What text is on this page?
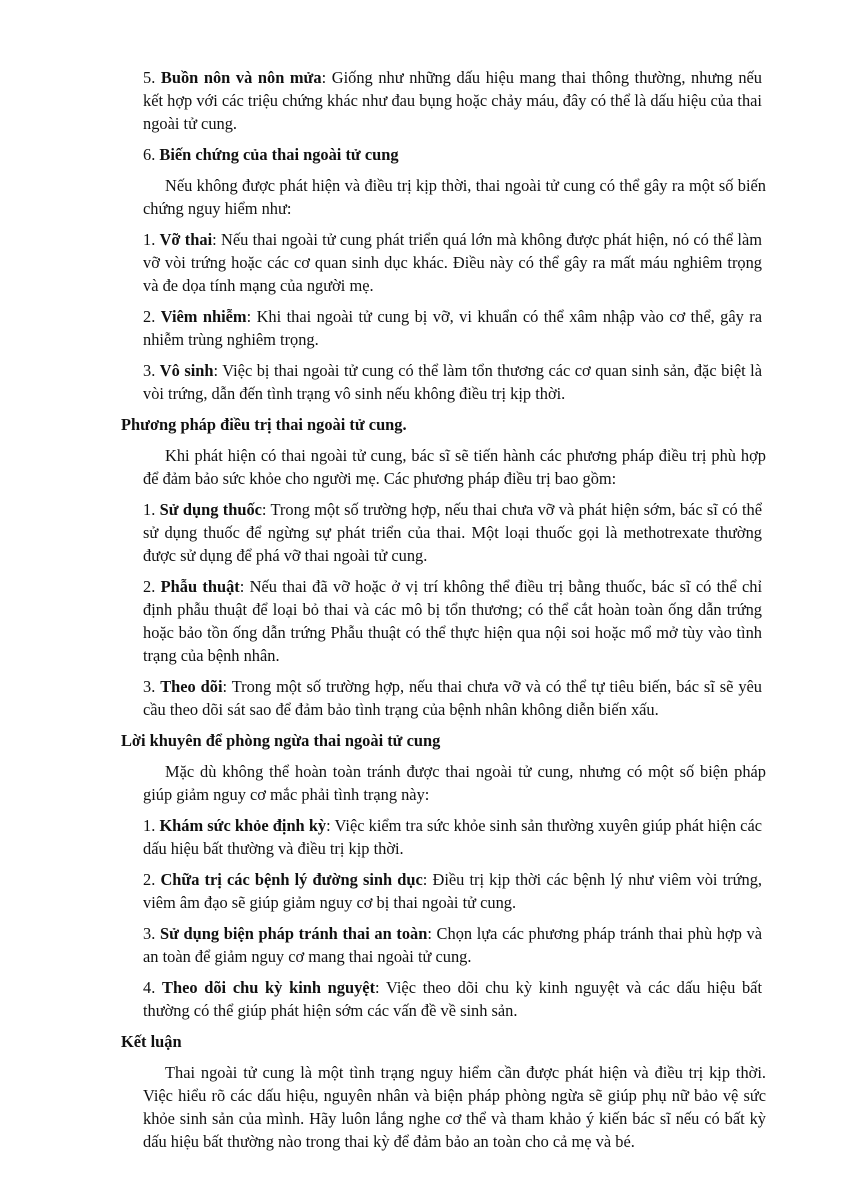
5. Buồn nôn và nôn mửa: Giống như những dấu hiệu mang thai thông thường, nhưng nếu kết hợp với các triệu chứng khác như đau bụng hoặc chảy máu, đây có thể là dấu hiệu của thai ngoài tử cung.

6. Biến chứng của thai ngoài tử cung

Nếu không được phát hiện và điều trị kịp thời, thai ngoài tử cung có thể gây ra một số biến chứng nguy hiểm như:

1. Vỡ thai: Nếu thai ngoài tử cung phát triển quá lớn mà không được phát hiện, nó có thể làm vỡ vòi trứng hoặc các cơ quan sinh dục khác. Điều này có thể gây ra mất máu nghiêm trọng và đe dọa tính mạng của người mẹ.

2. Viêm nhiễm: Khi thai ngoài tử cung bị vỡ, vi khuẩn có thể xâm nhập vào cơ thể, gây ra nhiễm trùng nghiêm trọng.

3. Vô sinh: Việc bị thai ngoài tử cung có thể làm tổn thương các cơ quan sinh sản, đặc biệt là vòi trứng, dẫn đến tình trạng vô sinh nếu không điều trị kịp thời.

Phương pháp điều trị thai ngoài tử cung.

Khi phát hiện có thai ngoài tử cung, bác sĩ sẽ tiến hành các phương pháp điều trị phù hợp để đảm bảo sức khỏe cho người mẹ. Các phương pháp điều trị bao gồm:

1. Sử dụng thuốc: Trong một số trường hợp, nếu thai chưa vỡ và phát hiện sớm, bác sĩ có thể sử dụng thuốc để ngừng sự phát triển của thai. Một loại thuốc gọi là methotrexate thường được sử dụng để phá vỡ thai ngoài tử cung.

2. Phẫu thuật: Nếu thai đã vỡ hoặc ở vị trí không thể điều trị bằng thuốc, bác sĩ có thể chỉ định phẫu thuật để loại bỏ thai và các mô bị tổn thương; có thể cắt hoàn toàn ống dẫn trứng hoặc bảo tồn ống dẫn trứng Phẫu thuật có thể thực hiện qua nội soi hoặc mổ mở tùy vào tình trạng của bệnh nhân.

3. Theo dõi: Trong một số trường hợp, nếu thai chưa vỡ và có thể tự tiêu biến, bác sĩ sẽ yêu cầu theo dõi sát sao để đảm bảo tình trạng của bệnh nhân không diễn biến xấu.

Lời khuyên để phòng ngừa thai ngoài tử cung

Mặc dù không thể hoàn toàn tránh được thai ngoài tử cung, nhưng có một số biện pháp giúp giảm nguy cơ mắc phải tình trạng này:

1. Khám sức khỏe định kỳ: Việc kiểm tra sức khỏe sinh sản thường xuyên giúp phát hiện các dấu hiệu bất thường và điều trị kịp thời.

2. Chữa trị các bệnh lý đường sinh dục: Điều trị kịp thời các bệnh lý như viêm vòi trứng, viêm âm đạo sẽ giúp giảm nguy cơ bị thai ngoài tử cung.

3. Sử dụng biện pháp tránh thai an toàn: Chọn lựa các phương pháp tránh thai phù hợp và an toàn để giảm nguy cơ mang thai ngoài tử cung.

4. Theo dõi chu kỳ kinh nguyệt: Việc theo dõi chu kỳ kinh nguyệt và các dấu hiệu bất thường có thể giúp phát hiện sớm các vấn đề về sinh sản.

Kết luận

Thai ngoài tử cung là một tình trạng nguy hiểm cần được phát hiện và điều trị kịp thời. Việc hiểu rõ các dấu hiệu, nguyên nhân và biện pháp phòng ngừa sẽ giúp phụ nữ bảo vệ sức khỏe sinh sản của mình. Hãy luôn lắng nghe cơ thể và tham khảo ý kiến bác sĩ nếu có bất kỳ dấu hiệu bất thường nào trong thai kỳ để đảm bảo an toàn cho cả mẹ và bé.
